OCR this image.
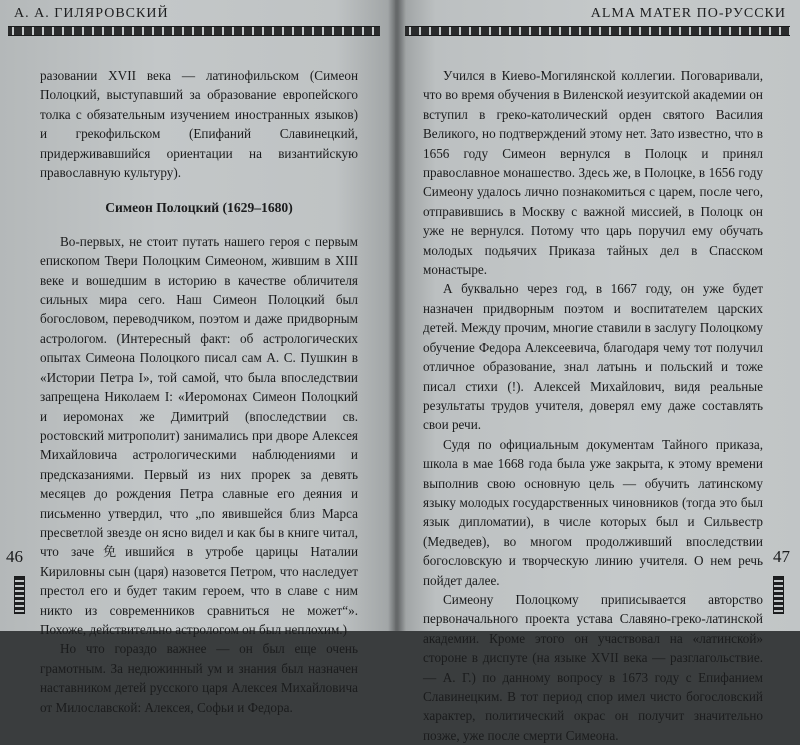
А. А. ГИЛЯРОВСКИЙ

разовании XVII века — латинофильском (Симеон Полоцкий, выступавший за образование европейского толка с обязательным изучением иностранных языков) и грекофильском (Епифаний Славинецкий, придерживавшийся ориентации на византийскую православную культуру).

Симеон Полоцкий (1629–1680)

Во-первых, не стоит путать нашего героя с первым епископом Твери Полоцким Симеоном, жившим в XIII веке и вошедшим в историю в качестве обличителя сильных мира сего. Наш Симеон Полоцкий был богословом, переводчиком, поэтом и даже придворным астрологом. (Интересный факт: об астрологических опытах Симеона Полоцкого писал сам А. С. Пушкин в «Истории Петра I», той самой, что была впоследствии запрещена Николаем I: «Иеромонах Симеон Полоцкий и иеромонах же Димитрий (впоследствии св. ростовский митрополит) занимались при дворе Алексея Михайловича астрологическими наблюдениями и предсказаниями. Первый из них прорек за девять месяцев до рождения Петра славные его деяния и письменно утвердил, что „по явившейся близ Марса пресветлой звезде он ясно видел и как бы в книге читал, что заче免ившийся в утробе царицы Наталии Кириловны сын (царя) назовется Петром, что наследует престол его и будет таким героем, что в славе с ним никто из современников сравниться не может“». Похоже, действительно астрологом он был неплохим.)

Но что гораздо важнее — он был еще очень грамотным. За недюжинный ум и знания был назначен наставником детей русского царя Алексея Михайловича от Милославской: Алексея, Софьи и Федора.

46
ALMA MATER ПО-РУССКИ

Учился в Киево-Могилянской коллегии. Поговаривали, что во время обучения в Виленской иезуитской академии он вступил в греко-католический орден святого Василия Великого, но подтверждений этому нет. Зато известно, что в 1656 году Симеон вернулся в Полоцк и принял православное монашество. Здесь же, в Полоцке, в 1656 году Симеону удалось лично познакомиться с царем, после чего, отправившись в Москву с важной миссией, в Полоцк он уже не вернулся. Потому что царь поручил ему обучать молодых подьячих Приказа тайных дел в Спасском монастыре.

А буквально через год, в 1667 году, он уже будет назначен придворным поэтом и воспитателем царских детей. Между прочим, многие ставили в заслугу Полоцкому обучение Федора Алексеевича, благодаря чему тот получил отличное образование, знал латынь и польский и тоже писал стихи (!). Алексей Михайлович, видя реальные результаты трудов учителя, доверял ему даже составлять свои речи.

Судя по официальным документам Тайного приказа, школа в мае 1668 года была уже закрыта, к этому времени выполнив свою основную цель — обучить латинскому языку молодых государственных чиновников (тогда это был язык дипломатии), в числе которых был и Сильвестр (Медведев), во многом продолживший впоследствии богословскую и творческую линию учителя. О нем речь пойдет далее.

Симеону Полоцкому приписывается авторство первоначального проекта устава Славяно-греко-латинской академии. Кроме этого он участвовал на «латинской» стороне в диспуте (на языке XVII века — разглагольствие. — А. Г.) по данному вопросу в 1673 году с Епифанием Славинецким. В тот период спор имел чисто богословский характер, политический окрас он получит значительно позже, уже после смерти Симеона.

47
